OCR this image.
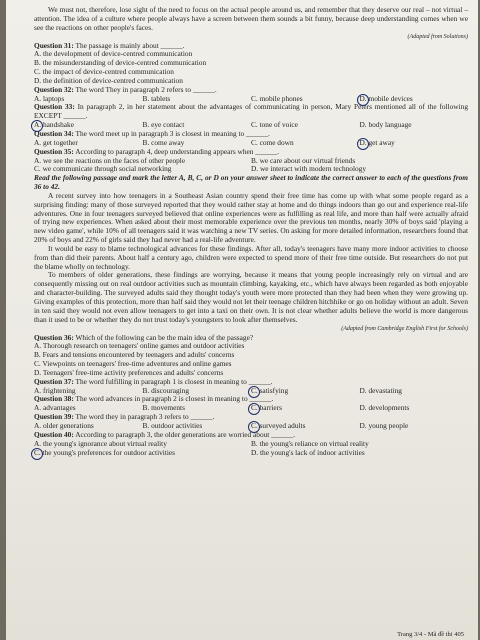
We must not, therefore, lose sight of the need to focus on the actual people around us, and remember that they deserve our real – not virtual – attention. The idea of a culture where people always have a screen between them sounds a bit funny, because deep understanding comes when we see the reactions on other people's faces.

(Adapted from Solutions)

Question 31: The passage is mainly about ______.

A. the development of device-centred communication

B. the misunderstanding of device-centred communication

C. the impact of device-centred communication

D. the definition of device-centred communication

Question 32: The word They in paragraph 2 refers to ______.

A. laptops	B. tablets	C. mobile phones	D. mobile devices

Question 33: In paragraph 2, in her statement about the advantages of communicating in person, Mary Peters mentioned all of the following EXCEPT ______.

A. handshake	B. eye contact	C. tone of voice	D. body language

Question 34: The word meet up in paragraph 3 is closest in meaning to ______.

A. get together	B. come away	C. come down	D. get away

Question 35: According to paragraph 4, deep understanding appears when ______.

A. we see the reactions on the faces of other people	B. we care about our virtual friends
C. we communicate through social networking	D. we interact with modern technology

Read the following passage and mark the letter A, B, C, or D on your answer sheet to indicate the correct answer to each of the questions from 36 to 42.

A recent survey into how teenagers in a Southeast Asian country spend their free time has come up with what some people regard as a surprising finding: many of those surveyed reported that they would rather stay at home and do things indoors than go out and experience real-life adventures. One in four teenagers surveyed believed that online experiences were as fulfilling as real life, and more than half were actually afraid of trying new experiences. When asked about their most memorable experience over the previous ten months, nearly 30% of boys said 'playing a new video game', while 10% of all teenagers said it was watching a new TV series. On asking for more detailed information, researchers found that 20% of boys and 22% of girls said they had never had a real-life adventure.

It would be easy to blame technological advances for these findings. After all, today's teenagers have many more indoor activities to choose from than did their parents. About half a century ago, children were expected to spend more of their free time outside. But researchers do not put the blame wholly on technology.

To members of older generations, these findings are worrying, because it means that young people increasingly rely on virtual and are consequently missing out on real outdoor activities such as mountain climbing, kayaking, etc., which have always been regarded as both enjoyable and character-building. The surveyed adults said they thought today's youth were more protected than they had been when they were growing up. Giving examples of this protection, more than half said they would not let their teenage children hitchhike or go on holiday without an adult. Seven in ten said they would not even allow teenagers to get into a taxi on their own. It is not clear whether adults believe the world is more dangerous than it used to be or whether they do not trust today's youngsters to look after themselves.

(Adapted from Cambridge English First for Schools)

Question 36: Which of the following can be the main idea of the passage?

A. Thorough research on teenagers' online games and outdoor activities

B. Fears and tensions encountered by teenagers and adults' concerns

C. Viewpoints on teenagers' free-time adventures and online games

D. Teenagers' free-time activity preferences and adults' concerns

Question 37: The word fulfilling in paragraph 1 is closest in meaning to ______.

A. frightening	B. discouraging	C. satisfying	D. devastating

Question 38: The word advances in paragraph 2 is closest in meaning to ______.

A. advantages	B. movements	C. barriers	D. developments

Question 39: The word they in paragraph 3 refers to ______.

A. older generations	B. outdoor activities	C. surveyed adults	D. young people

Question 40: According to paragraph 3, the older generations are worried about ______.

A. the young's ignorance about virtual reality	B. the young's reliance on virtual reality
C. the young's preferences for outdoor activities	D. the young's lack of indoor activities
Trang 3/4 - Mã đề thi 405
